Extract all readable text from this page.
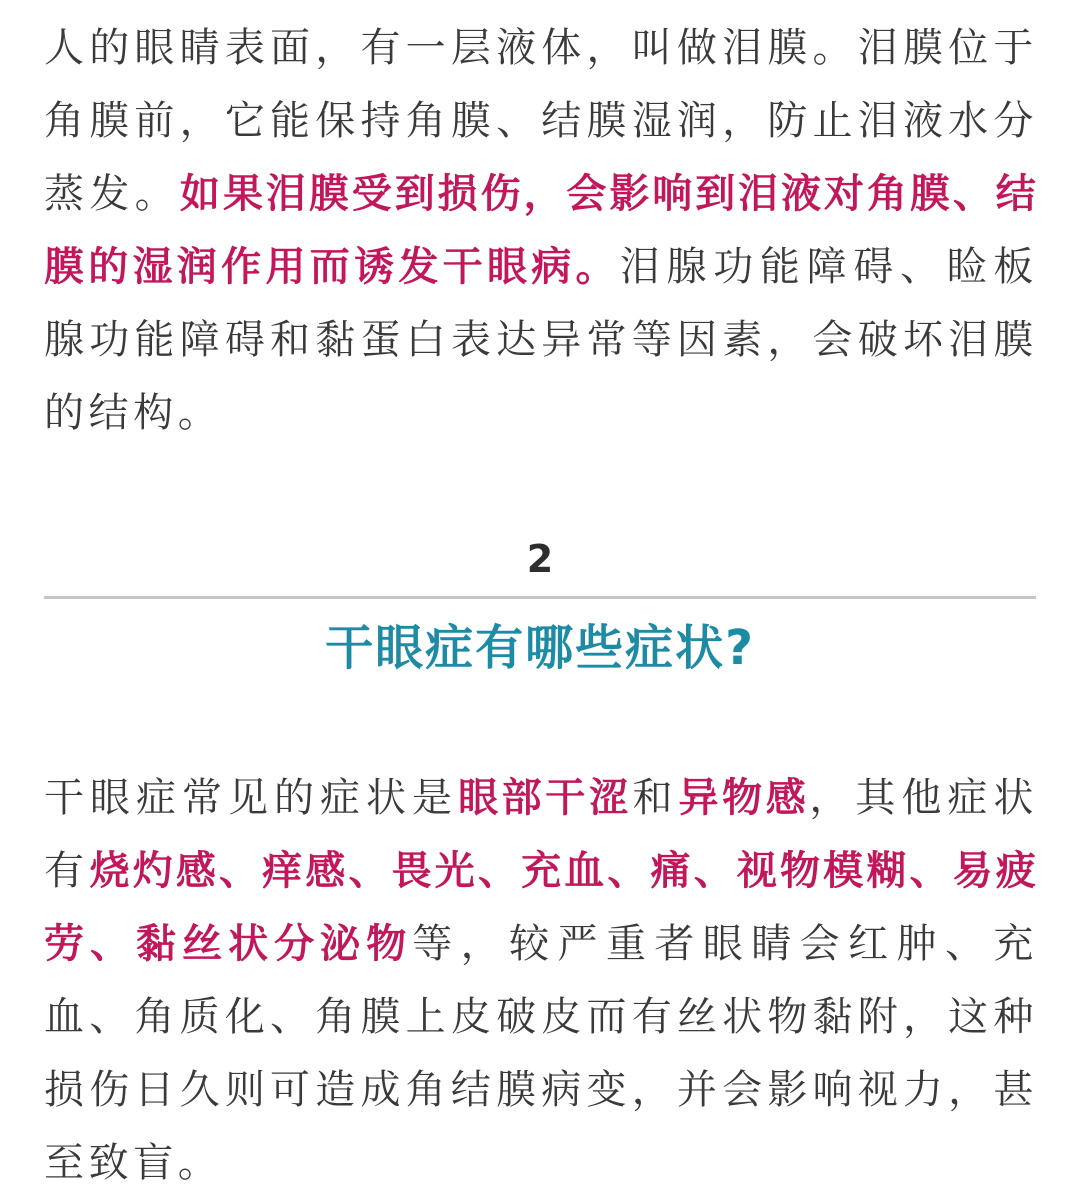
人的眼睛表面，有一层液体，叫做泪膜。泪膜位于角膜前，它能保持角膜、结膜湿润，防止泪液水分蒸发。如果泪膜受到损伤，会影响到泪液对角膜、结膜的湿润作用而诱发干眼病。泪腺功能障碍、睑板腺功能障碍和黏蛋白表达异常等因素，会破坏泪膜的结构。

2
干眼症有哪些症状?

干眼症常见的症状是眼部干涩和异物感，其他症状有烧灼感、痒感、畏光、充血、痛、视物模糊、易疲劳、黏丝状分泌物等，较严重者眼睛会红肿、充血、角质化、角膜上皮破皮而有丝状物黏附，这种损伤日久则可造成角结膜病变，并会影响视力，甚至致盲。
